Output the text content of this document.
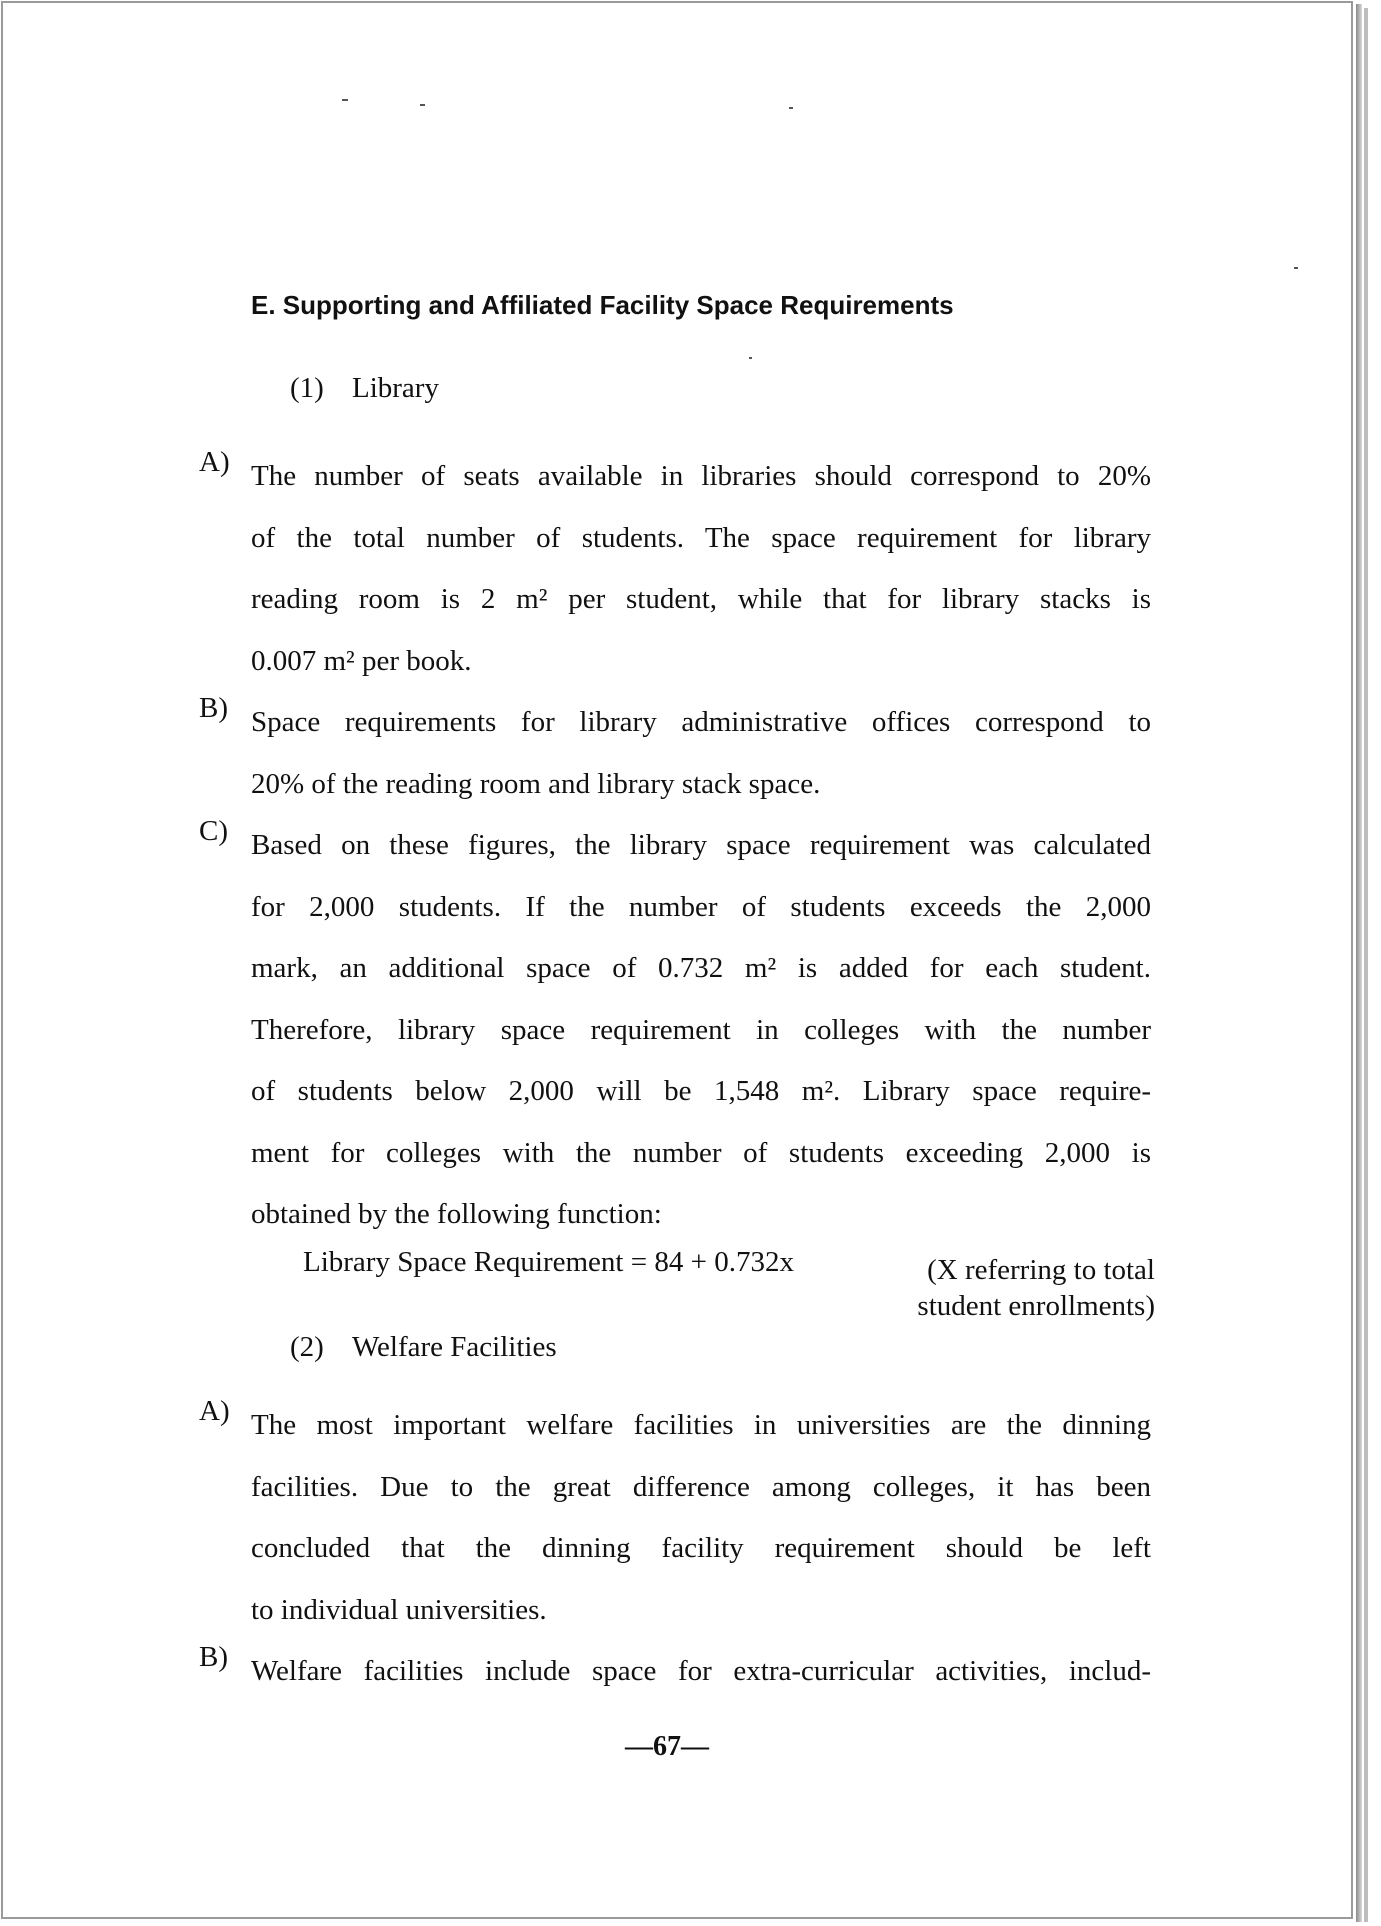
E. Supporting and Affiliated Facility Space Requirements
(1) Library
A) The number of seats available in libraries should correspond to 20%
of the total number of students. The space requirement for library
reading room is 2 m² per student, while that for library stacks is
0.007 m² per book.
B) Space requirements for library administrative offices correspond to
20% of the reading room and library stack space.
C) Based on these figures, the library space requirement was calculated
for 2,000 students. If the number of students exceeds the 2,000
mark, an additional space of 0.732 m² is added for each student.
Therefore, library space requirement in colleges with the number
of students below 2,000 will be 1,548 m². Library space require-
ment for colleges with the number of students exceeding 2,000 is
obtained by the following function:
Library Space Requirement = 84 + 0.732x	(X referring to total
student enrollments)
(2) Welfare Facilities
A) The most important welfare facilities in universities are the dinning
facilities. Due to the great difference among colleges, it has been
concluded that the dinning facility requirement should be left
to individual universities.
B) Welfare facilities include space for extra-curricular activities, includ-
—67—
